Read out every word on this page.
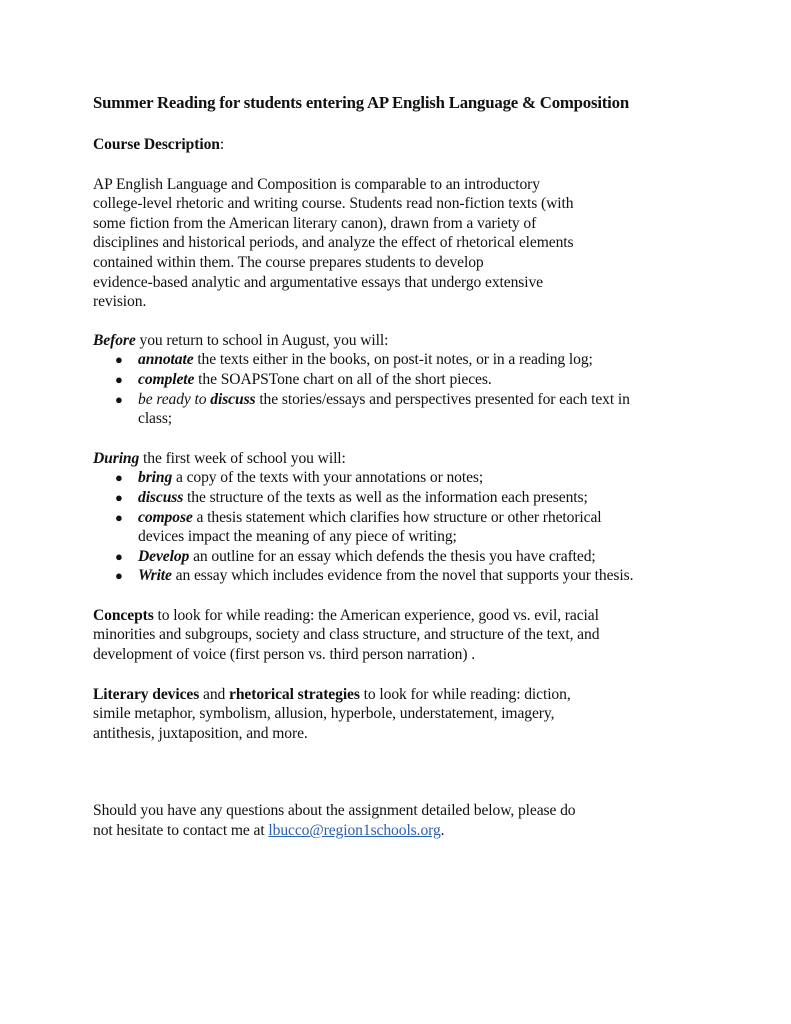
Summer Reading for students entering AP English Language & Composition
Course Description:

AP English Language and Composition is comparable to an introductory
college-level rhetoric and writing course. Students read non-fiction texts (with
some fiction from the American literary canon), drawn from a variety of
disciplines and historical periods, and analyze the effect of rhetorical elements
contained within them. The course prepares students to develop
evidence-based analytic and argumentative essays that undergo extensive
revision.

Before you return to school in August, you will:

● annotate the texts either in the books, on post-it notes, or in a reading log;
● complete the SOAPSTone chart on all of the short pieces.
● be ready to discuss the stories/essays and perspectives presented for each text in
class;

During the first week of school you will:

● bring a copy of the texts with your annotations or notes;
● discuss the structure of the texts as well as the information each presents;
● compose a thesis statement which clarifies how structure or other rhetorical
devices impact the meaning of any piece of writing;
● Develop an outline for an essay which defends the thesis you have crafted;
● Write an essay which includes evidence from the novel that supports your thesis.

Concepts to look for while reading: the American experience, good vs. evil, racial
minorities and subgroups, society and class structure, and structure of the text, and
development of voice (first person vs. third person narration) .

Literary devices and rhetorical strategies to look for while reading: diction,
simile metaphor, symbolism, allusion, hyperbole, understatement, imagery,
antithesis, juxtaposition, and more.

Should you have any questions about the assignment detailed below, please do
not hesitate to contact me at lbucco@region1schools.org.
